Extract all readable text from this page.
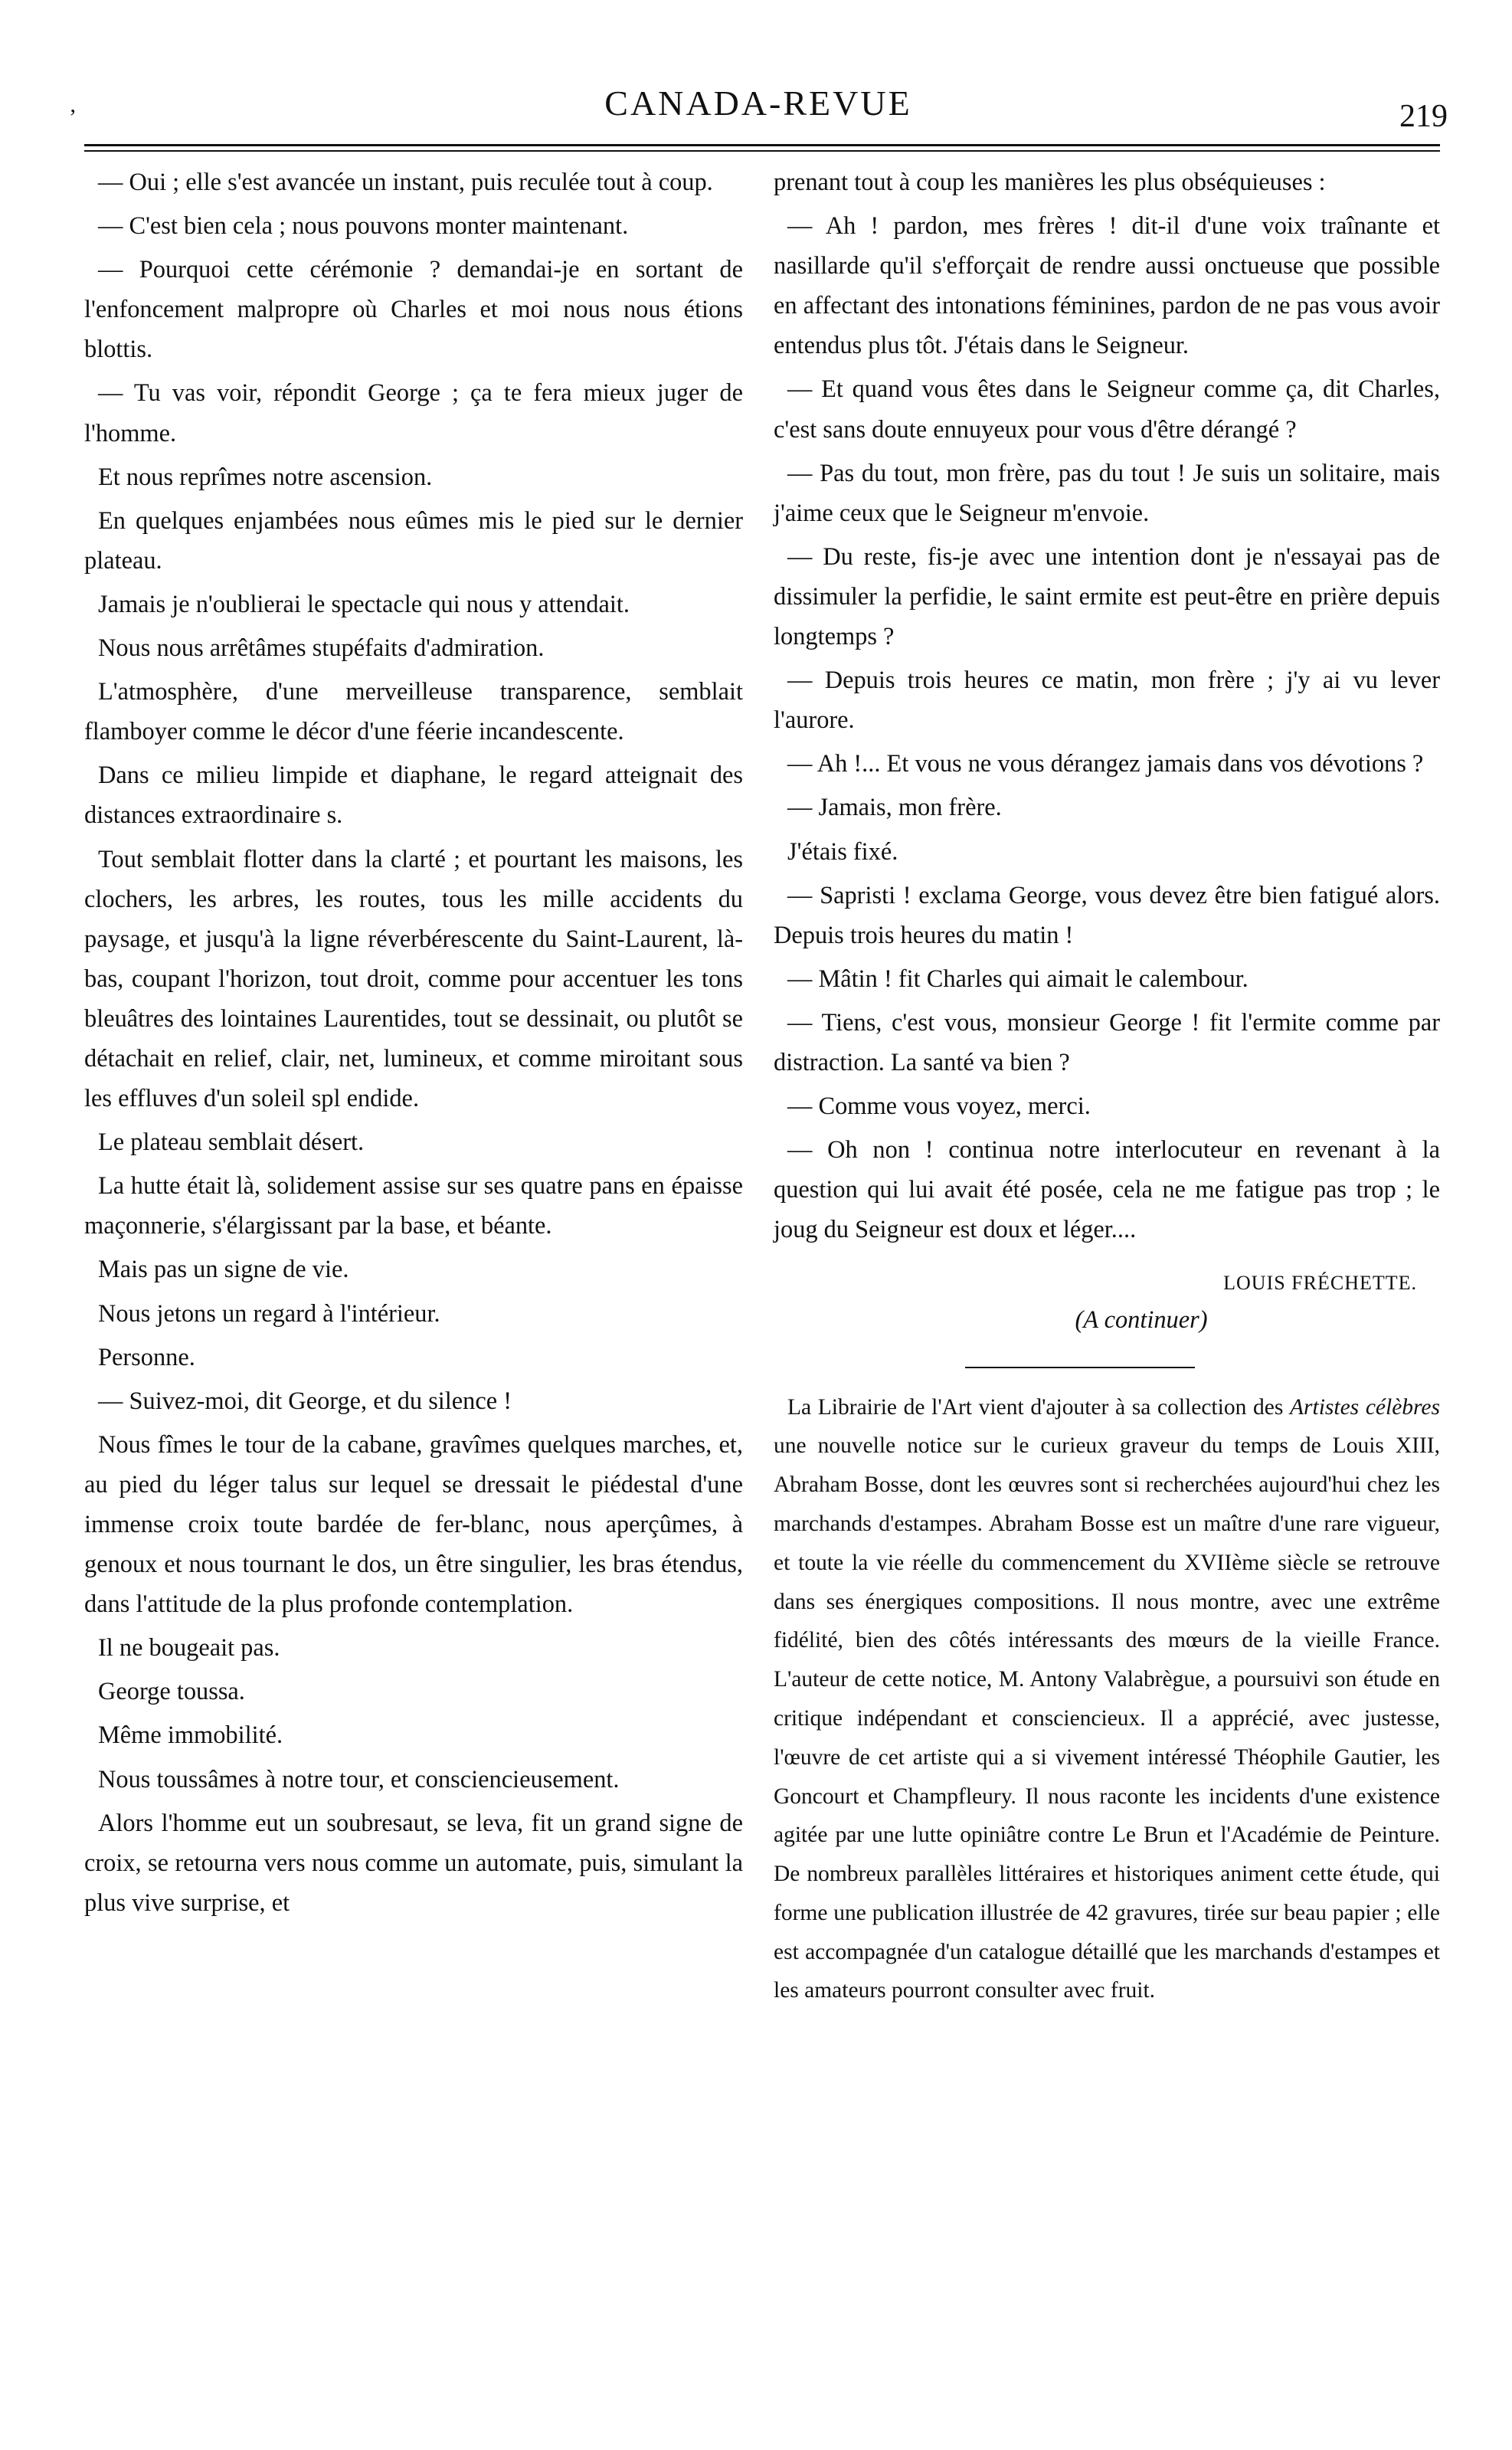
‚	CANADA-REVUE	219

— Oui ; elle s'est avancée un instant, puis reculée tout à coup.

— C'est bien cela ; nous pouvons monter maintenant.

— Pourquoi cette cérémonie ? demandai-je en sortant de l'enfoncement malpropre où Charles et moi nous nous étions blottis.

— Tu vas voir, répondit George ; ça te fera mieux juger de l'homme.

Et nous reprîmes notre ascension.

En quelques enjambées nous eûmes mis le pied sur le dernier plateau.

Jamais je n'oublierai le spectacle qui nous y attendait.

Nous nous arrêtâmes stupéfaits d'admiration.

L'atmosphère, d'une merveilleuse transparence, semblait flamboyer comme le décor d'une féerie incandescente.

Dans ce milieu limpide et diaphane, le regard atteignait des distances extraordinaire s.

Tout semblait flotter dans la clarté ; et pourtant les maisons, les clochers, les arbres, les routes, tous les mille accidents du paysage, et jusqu'à la ligne réverbérescente du Saint-Laurent, là-bas, coupant l'horizon, tout droit, comme pour accentuer les tons bleuâtres des lointaines Laurentides, tout se dessinait, ou plutôt se détachait en relief, clair, net, lumineux, et comme miroitant sous les effluves d'un soleil spl endide.

Le plateau semblait désert.

La hutte était là, solidement assise sur ses quatre pans en épaisse maçonnerie, s'élargissant par la base, et béante.

Mais pas un signe de vie.

Nous jetons un regard à l'intérieur.

Personne.

— Suivez-moi, dit George, et du silence !

Nous fîmes le tour de la cabane, gravîmes quelques marches, et, au pied du léger talus sur lequel se dressait le piédestal d'une immense croix toute bardée de fer-blanc, nous aperçûmes, à genoux et nous tournant le dos, un être singulier, les bras étendus, dans l'attitude de la plus profonde contemplation.

Il ne bougeait pas.

George toussa.

Même immobilité.

Nous toussâmes à notre tour, et consciencieusement.

Alors l'homme eut un soubresaut, se leva, fit un grand signe de croix, se retourna vers nous comme un automate, puis, simulant la plus vive surprise, et

prenant tout à coup les manières les plus obséquieuses :

— Ah ! pardon, mes frères ! dit-il d'une voix traînante et nasillarde qu'il s'efforçait de rendre aussi onctueuse que possible en affectant des intonations féminines, pardon de ne pas vous avoir entendus plus tôt. J'étais dans le Seigneur.

— Et quand vous êtes dans le Seigneur comme ça, dit Charles, c'est sans doute ennuyeux pour vous d'être dérangé ?

— Pas du tout, mon frère, pas du tout ! Je suis un solitaire, mais j'aime ceux que le Seigneur m'envoie.

— Du reste, fis-je avec une intention dont je n'essayai pas de dissimuler la perfidie, le saint ermite est peut-être en prière depuis longtemps ?

— Depuis trois heures ce matin, mon frère ; j'y ai vu lever l'aurore.

— Ah !... Et vous ne vous dérangez jamais dans vos dévotions ?

— Jamais, mon frère.

J'étais fixé.

— Sapristi ! exclama George, vous devez être bien fatigué alors. Depuis trois heures du matin !

— Mâtin ! fit Charles qui aimait le calembour.

— Tiens, c'est vous, monsieur George ! fit l'ermite comme par distraction. La santé va bien ?

— Comme vous voyez, merci.

— Oh non ! continua notre interlocuteur en revenant à la question qui lui avait été posée, cela ne me fatigue pas trop ; le joug du Seigneur est doux et léger....

LOUIS FRÉCHETTE.
(A continuer)

La Librairie de l'Art vient d'ajouter à sa collection des Artistes célèbres une nouvelle notice sur le curieux graveur du temps de Louis XIII, Abraham Bosse, dont les œuvres sont si recherchées aujourd'hui chez les marchands d'estampes. Abraham Bosse est un maître d'une rare vigueur, et toute la vie réelle du commencement du XVIIème siècle se retrouve dans ses énergiques compositions. Il nous montre, avec une extrême fidélité, bien des côtés intéressants des mœurs de la vieille France. L'auteur de cette notice, M. Antony Valabrègue, a poursuivi son étude en critique indépendant et consciencieux. Il a apprécié, avec justesse, l'œuvre de cet artiste qui a si vivement intéressé Théophile Gautier, les Goncourt et Champfleury. Il nous raconte les incidents d'une existence agitée par une lutte opiniâtre contre Le Brun et l'Académie de Peinture. De nombreux parallèles littéraires et historiques animent cette étude, qui forme une publication illustrée de 42 gravures, tirée sur beau papier ; elle est accompagnée d'un catalogue détaillé que les marchands d'estampes et les amateurs pourront consulter avec fruit.
